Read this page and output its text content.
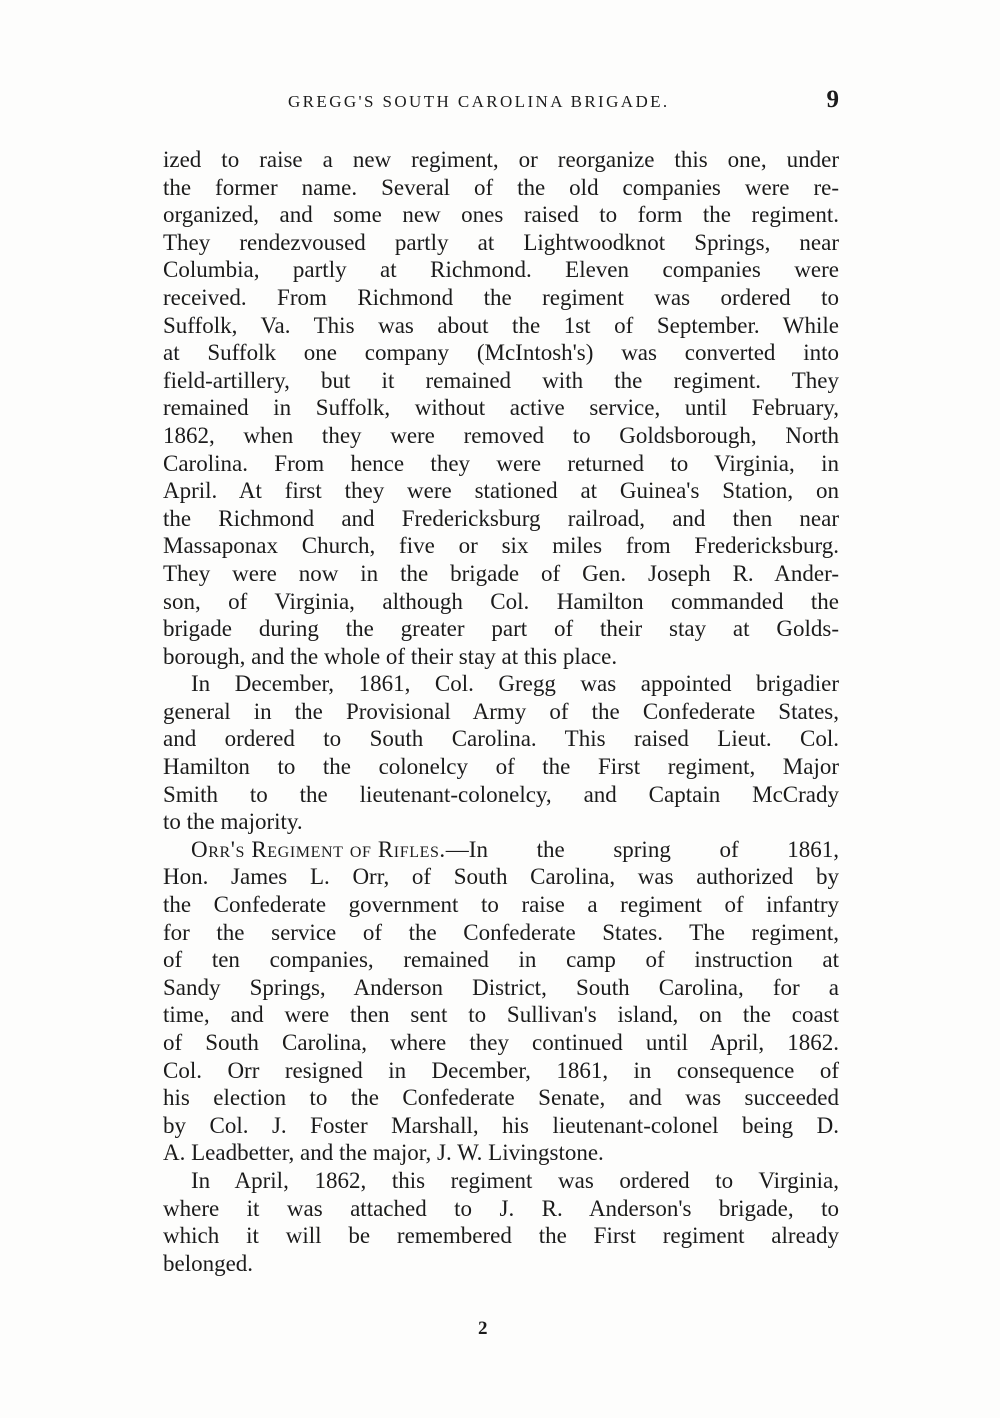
GREGG'S SOUTH CAROLINA BRIGADE.	9
ized to raise a new regiment, or reorganize this one, under
the former name. Several of the old companies were re-
organized, and some new ones raised to form the regiment.
They rendezvoused partly at Lightwoodknot Springs, near
Columbia, partly at Richmond. Eleven companies were
received. From Richmond the regiment was ordered to
Suffolk, Va. This was about the 1st of September. While
at Suffolk one company (McIntosh's) was converted into
field-artillery, but it remained with the regiment. They
remained in Suffolk, without active service, until February,
1862, when they were removed to Goldsborough, North
Carolina. From hence they were returned to Virginia, in
April. At first they were stationed at Guinea's Station, on
the Richmond and Fredericksburg railroad, and then near
Massaponax Church, five or six miles from Fredericksburg.
They were now in the brigade of Gen. Joseph R. Ander-
son, of Virginia, although Col. Hamilton commanded the
brigade during the greater part of their stay at Golds-
borough, and the whole of their stay at this place.
In December, 1861, Col. Gregg was appointed brigadier
general in the Provisional Army of the Confederate States,
and ordered to South Carolina. This raised Lieut. Col.
Hamilton to the colonelcy of the First regiment, Major
Smith to the lieutenant-colonelcy, and Captain McCrady
to the majority.
Orr's Regiment of Rifles. —In the spring of 1861,
Hon. James L. Orr, of South Carolina, was authorized by
the Confederate government to raise a regiment of infantry
for the service of the Confederate States. The regiment,
of ten companies, remained in camp of instruction at
Sandy Springs, Anderson District, South Carolina, for a
time, and were then sent to Sullivan's island, on the coast
of South Carolina, where they continued until April, 1862.
Col. Orr resigned in December, 1861, in consequence of
his election to the Confederate Senate, and was succeeded
by Col. J. Foster Marshall, his lieutenant-colonel being D.
A. Leadbetter, and the major, J. W. Livingstone.
In April, 1862, this regiment was ordered to Virginia,
where it was attached to J. R. Anderson's brigade, to
which it will be remembered the First regiment already
belonged.
2
